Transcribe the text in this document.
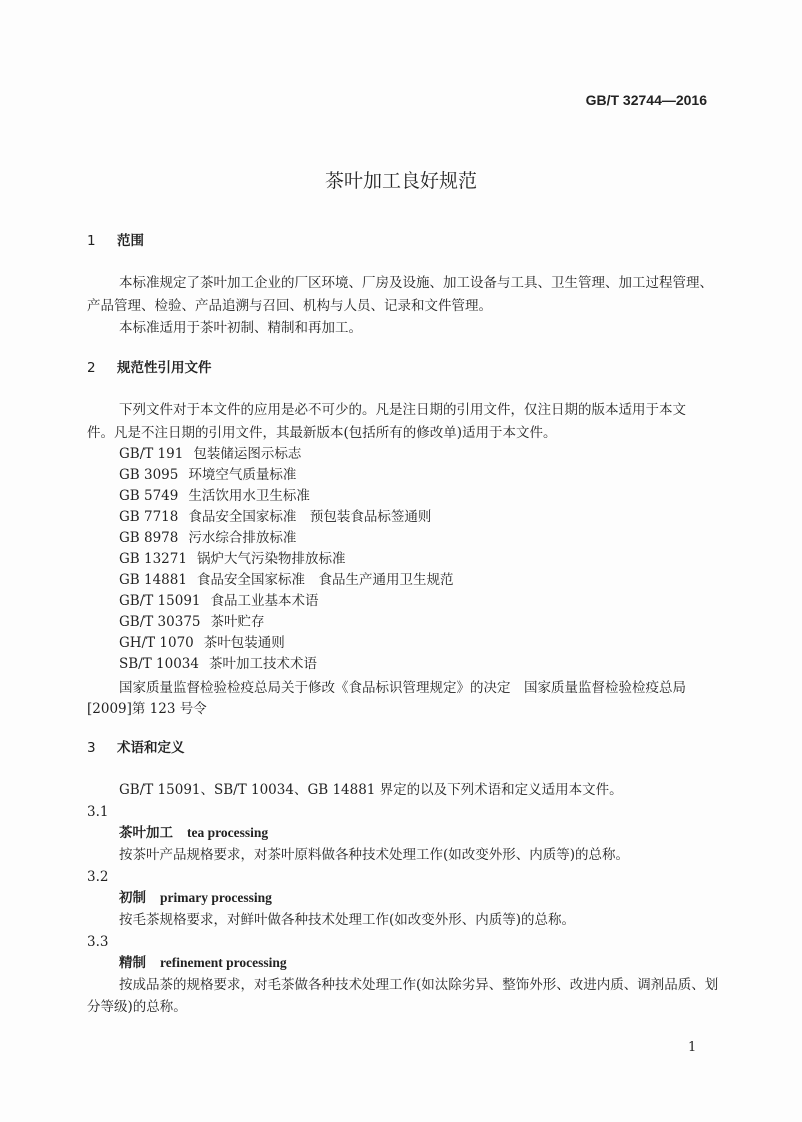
GB/T 32744—2016
茶叶加工良好规范
1 范围
本标准规定了茶叶加工企业的厂区环境、厂房及设施、加工设备与工具、卫生管理、加工过程管理、
产品管理、检验、产品追溯与召回、机构与人员、记录和文件管理。
本标准适用于茶叶初制、精制和再加工。
2 规范性引用文件
下列文件对于本文件的应用是必不可少的。凡是注日期的引用文件，仅注日期的版本适用于本文
件。凡是不注日期的引用文件，其最新版本(包括所有的修改单)适用于本文件。
GB/T 191 包装储运图示标志
GB 3095 环境空气质量标准
GB 5749 生活饮用水卫生标准
GB 7718 食品安全国家标准　预包装食品标签通则
GB 8978 污水综合排放标准
GB 13271 锅炉大气污染物排放标准
GB 14881 食品安全国家标准　食品生产通用卫生规范
GB/T 15091 食品工业基本术语
GB/T 30375 茶叶贮存
GH/T 1070 茶叶包装通则
SB/T 10034 茶叶加工技术术语
国家质量监督检验检疫总局关于修改《食品标识管理规定》的决定　国家质量监督检验检疫总局
[2009]第 123 号令
3 术语和定义
GB/T 15091、SB/T 10034、GB 14881 界定的以及下列术语和定义适用本文件。
3.1
茶叶加工 tea processing
按茶叶产品规格要求，对茶叶原料做各种技术处理工作(如改变外形、内质等)的总称。
3.2
初制 primary processing
按毛茶规格要求，对鲜叶做各种技术处理工作(如改变外形、内质等)的总称。
3.3
精制 refinement processing
按成品茶的规格要求，对毛茶做各种技术处理工作(如汰除劣异、整饰外形、改进内质、调剂品质、划
分等级)的总称。
1
